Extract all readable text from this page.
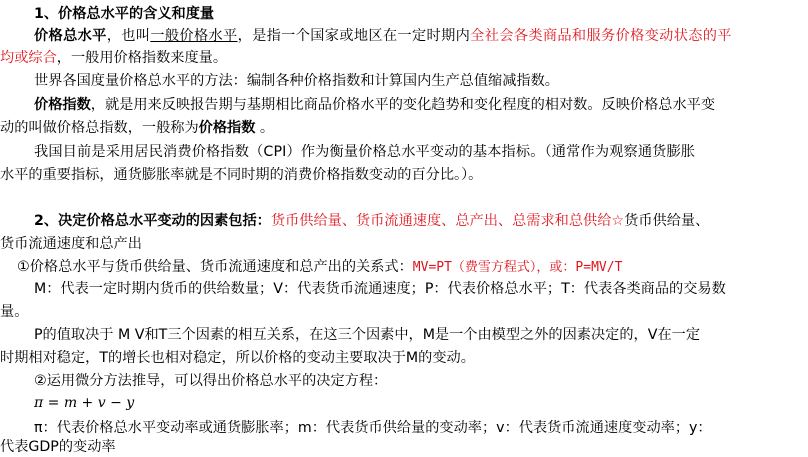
1、价格总水平的含义和度量
价格总水平，也叫一般价格水平，是指一个国家或地区在一定时期内全社会各类商品和服务价格变动状态的平
均或综合，一般用价格指数来度量。
世界各国度量价格总水平的方法：编制各种价格指数和计算国内生产总值缩减指数。
价格指数，就是用来反映报告期与基期相比商品价格水平的变化趋势和变化程度的相对数。反映价格总水平变
动的叫做价格总指数，一般称为价格指数 。
我国目前是采用居民消费价格指数（CPI）作为衡量价格总水平变动的基本指标。（通常作为观察通货膨胀
水平的重要指标，通货膨胀率就是不同时期的消费价格指数变动的百分比。）。
2、决定价格总水平变动的因素包括：货币供给量、货币流通速度、总产出、总需求和总供给☆货币供给量、
货币流通速度和总产出
①价格总水平与货币供给量、货币流通速度和总产出的关系式：MV=PT（费雪方程式），或：P=MV/T
M：代表一定时期内货币的供给数量；V：代表货币流通速度；P：代表价格总水平；T：代表各类商品的交易数
量。
P的值取决于 M V和T三个因素的相互关系，在这三个因素中，M是一个由模型之外的因素决定的，V在一定
时期相对稳定，T的增长也相对稳定，所以价格的变动主要取决于M的变动。
②运用微分方法推导，可以得出价格总水平的决定方程：
π = m + v − y
π：代表价格总水平变动率或通货膨胀率；m：代表货币供给量的变动率；v：代表货币流通速度变动率；y：
代表GDP的变动率
